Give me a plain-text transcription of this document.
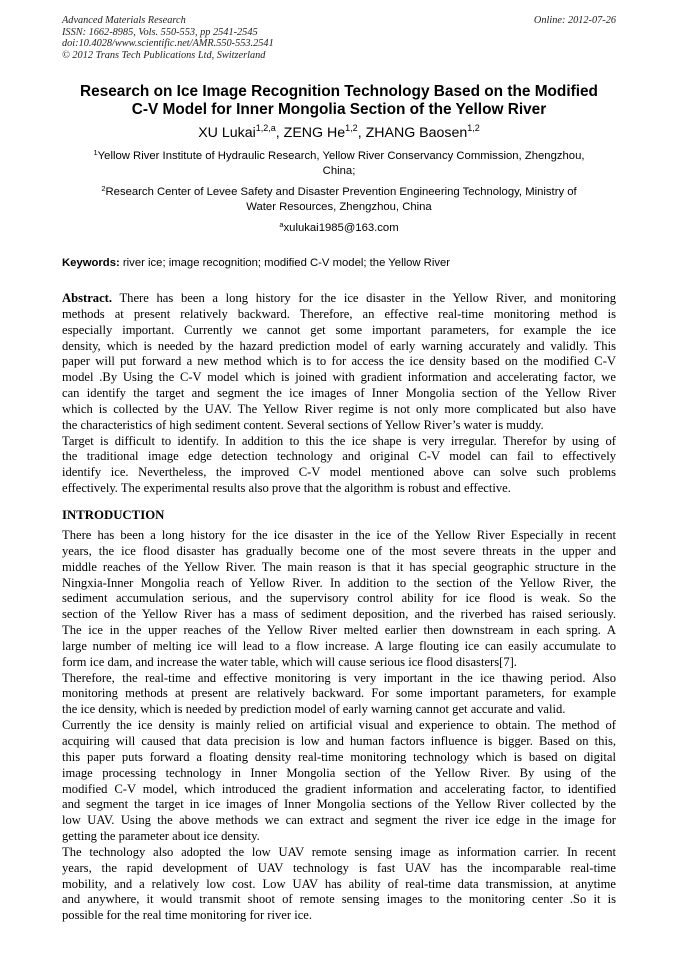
Advanced Materials Research
ISSN: 1662-8985, Vols. 550-553, pp 2541-2545
doi:10.4028/www.scientific.net/AMR.550-553.2541
© 2012 Trans Tech Publications Ltd, Switzerland
Online: 2012-07-26
Research on Ice Image Recognition Technology Based on the Modified
C-V Model for Inner Mongolia Section of the Yellow River
XU Lukai$^{1,2,a}$, ZENG He$^{1,2}$, ZHANG Baosen$^{1,2}$
$^1$Yellow River Institute of Hydraulic Research, Yellow River Conservancy Commission, Zhengzhou,
China;
$^2$Research Center of Levee Safety and Disaster Prevention Engineering Technology, Ministry of
Water Resources, Zhengzhou, China
$^a$xulukai1985@163.com
Keywords: river ice; image recognition; modified C-V model; the Yellow River
Abstract. There has been a long history for the ice disaster in the Yellow River, and monitoring
methods at present relatively backward. Therefore, an effective real-time monitoring method is
especially important. Currently we cannot get some important parameters, for example the ice
density, which is needed by the hazard prediction model of early warning accurately and validly. This
paper will put forward a new method which is to for access the ice density based on the modified C-V
model .By Using the C-V model which is joined with gradient information and accelerating factor, we
can identify the target and segment the ice images of Inner Mongolia section of the Yellow River
which is collected by the UAV. The Yellow River regime is not only more complicated but also have
the characteristics of high sediment content. Several sections of Yellow River’s water is muddy.
Target is difficult to identify. In addition to this the ice shape is very irregular. Therefor by using of
the traditional image edge detection technology and original C-V model can fail to effectively
identify ice. Nevertheless, the improved C-V model mentioned above can solve such problems
effectively. The experimental results also prove that the algorithm is robust and effective.
INTRODUCTION
There has been a long history for the ice disaster in the ice of the Yellow River Especially in recent
years, the ice flood disaster has gradually become one of the most severe threats in the upper and
middle reaches of the Yellow River. The main reason is that it has special geographic structure in the
Ningxia-Inner Mongolia reach of Yellow River. In addition to the section of the Yellow River, the
sediment accumulation serious, and the supervisory control ability for ice flood is weak. So the
section of the Yellow River has a mass of sediment deposition, and the riverbed has raised seriously.
The ice in the upper reaches of the Yellow River melted earlier then downstream in each spring. A
large number of melting ice will lead to a flow increase. A large flouting ice can easily accumulate to
form ice dam, and increase the water table, which will cause serious ice flood disasters[7].
Therefore, the real-time and effective monitoring is very important in the ice thawing period. Also
monitoring methods at present are relatively backward. For some important parameters, for example
the ice density, which is needed by prediction model of early warning cannot get accurate and valid.
Currently the ice density is mainly relied on artificial visual and experience to obtain. The method of
acquiring will caused that data precision is low and human factors influence is bigger. Based on this,
this paper puts forward a floating density real-time monitoring technology which is based on digital
image processing technology in Inner Mongolia section of the Yellow River. By using of the
modified C-V model, which introduced the gradient information and accelerating factor, to identified
and segment the target in ice images of Inner Mongolia sections of the Yellow River collected by the
low UAV. Using the above methods we can extract and segment the river ice edge in the image for
getting the parameter about ice density.
The technology also adopted the low UAV remote sensing image as information carrier. In recent
years, the rapid development of UAV technology is fast UAV has the incomparable real-time
mobility, and a relatively low cost. Low UAV has ability of real-time data transmission, at anytime
and anywhere, it would transmit shoot of remote sensing images to the monitoring center .So it is
possible for the real time monitoring for river ice.
